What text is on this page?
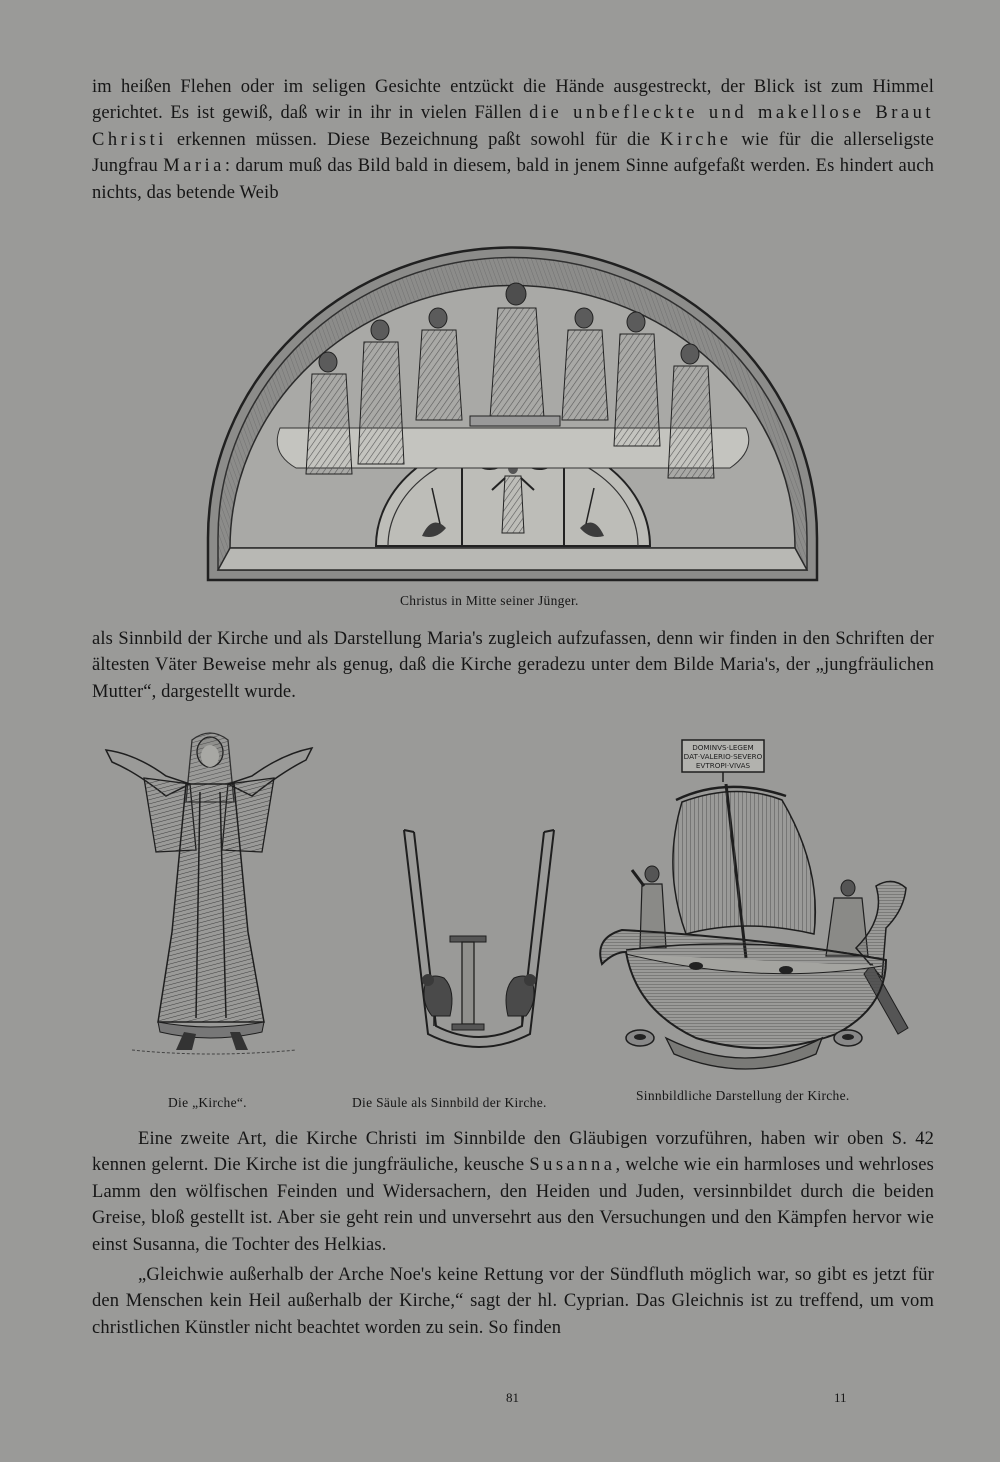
im heißen Flehen oder im seligen Gesichte entzückt die Hände ausgestreckt, der Blick ist zum Himmel gerichtet. Es ist gewiß, daß wir in ihr in vielen Fällen die unbefleckte und makellose Braut Christi erkennen müssen. Diese Bezeichnung paßt sowohl für die Kirche wie für die allerseligste Jungfrau Maria: darum muß das Bild bald in diesem, bald in jenem Sinne aufgefaßt werden. Es hindert auch nichts, das betende Weib

Christus in Mitte seiner Jünger.

als Sinnbild der Kirche und als Darstellung Maria's zugleich aufzufassen, denn wir finden in den Schriften der ältesten Väter Beweise mehr als genug, daß die Kirche geradezu unter dem Bilde Maria's, der „jungfräulichen Mutter“, dargestellt wurde.

Die „Kirche“.	Die Säule als Sinnbild der Kirche.
DOMINVS·LEGEM
DAT·VALERIO·SEVERO
EVTROPI·VIVAS
Sinnbildliche Darstellung der Kirche.

Eine zweite Art, die Kirche Christi im Sinnbilde den Gläubigen vorzuführen, haben wir oben S. 42 kennen gelernt. Die Kirche ist die jungfräuliche, keusche Susanna, welche wie ein harmloses und wehrloses Lamm den wölfischen Feinden und Widersachern, den Heiden und Juden, versinnbildet durch die beiden Greise, bloß gestellt ist. Aber sie geht rein und unversehrt aus den Versuchungen und den Kämpfen hervor wie einst Susanna, die Tochter des Helkias.

„Gleichwie außerhalb der Arche Noe's keine Rettung vor der Sündfluth möglich war, so gibt es jetzt für den Menschen kein Heil außerhalb der Kirche,“ sagt der hl. Cyprian. Das Gleichnis ist zu treffend, um vom christlichen Künstler nicht beachtet worden zu sein. So finden

81	11
